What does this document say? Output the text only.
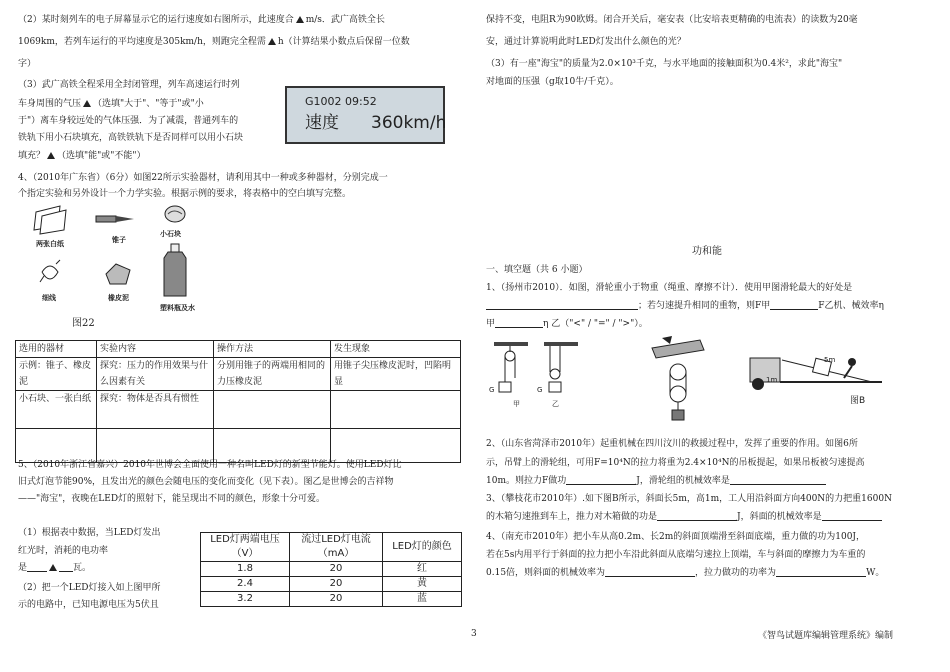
（2）某时刻列车的电子屏幕显示它的运行速度如右图所示，此速度合 m/s．武广高铁全长

1069km，若列车运行的平均速度是305km/h，则跑完全程需 h（计算结果小数点后保留一位数

字）

（3）武广高铁全程采用全封闭管理，列车高速运行时列

车身周围的气压 （选填"大于"、"等于"或"小

于"）离车身较远处的气体压强．为了减震，普通列车的

铁轨下用小石块填充，高铁铁轨下是否同样可以用小石块

填充？ （选填"能"或"不能"）

4、（2010年广东省）（6分）如图22所示实验器材，请利用其中一种或多种器材，分别完成一

个指定实验和另外设计一个力学实验。根据示例的要求，将表格中的空白填写完整。

5、（2010年浙江省嘉兴）2010年世博会全面使用一种名叫LED灯的新型节能灯。使用LED灯比

旧式灯泡节能90%，且发出光的颜色会随电压的变化而变化（见下表）。图乙是世博会的吉祥物

——"海宝"，夜晚在LED灯的照射下，能呈现出不同的颜色，形象十分可爱。

（1）根据表中数据，当LED灯发出

红光时，消耗的电功率

是	瓦。

（2）把一个LED灯接入如上图甲所

示的电路中，已知电源电压为5伏且

G1002 09:52
速度 360km/h
两张白纸	锥子
小石块
细线	橡皮泥
塑料瓶及水
图22
选用的器材	实验内容	操作方法	发生现象
示例：锥子、橡皮泥	探究：压力的作用效果与什么因素有关	分别用锥子的两端用相同的力压橡皮泥	用锥子尖压橡皮泥时，凹陷明显
小石块、一张白纸	探究：物体是否具有惯性		

LED灯两端电压（V）	流过LED灯电流（mA）	LED灯的颜色
1.8	20	红
2.4	20	黄
3.2	20	蓝

保持不变，电阻R为90欧姆。闭合开关后，毫安表（比安培表更精确的电流表）的读数为20毫

安，通过计算说明此时LED灯发出什么颜色的光？

（3）有一座"海宝"的质量为2.0×10³千克，与水平地面的接触面积为0.4米²，求此"海宝"

对地面的压强（g取10牛/千克）。

功和能

一、填空题（共 6 小题）

1、（扬州市2010）．如图，滑轮重小于物重（绳重、摩擦不计）．使用甲图滑轮最大的好处是

；若匀速提升相同的重物，则F甲	F乙机、械效率η

甲	η 乙（"<" / "=" / ">"）。

2、（山东省菏泽市2010年）起重机械在四川汶川的救援过程中，发挥了重要的作用。如图6所

示，吊臂上的滑轮组，可用F=10⁴N的拉力将重为2.4×10⁴N的吊板提起，如果吊板被匀速提高

10m。则拉力F做功	J，滑轮组的机械效率是

3、（攀枝花市2010年）.如下图B所示，斜面长5m，高1m，工人用沿斜面方向400N的力把重1600N

的木箱匀速推到车上，推力对木箱做的功是	J，斜面的机械效率是

4、（南充市2010年）把小车从高0.2m、长2m的斜面顶端滑至斜面底端，重力做的功为100J，

若在5s内用平行于斜面的拉力把小车沿此斜面从底端匀速拉上顶端，车与斜面的摩擦力为车重的

0.15倍，则斜面的机械效率为	，拉力做功的功率为	W。

G
甲
G
乙	图B
5m
1m
3	《智鸟试题库编辑管理系统》编制
